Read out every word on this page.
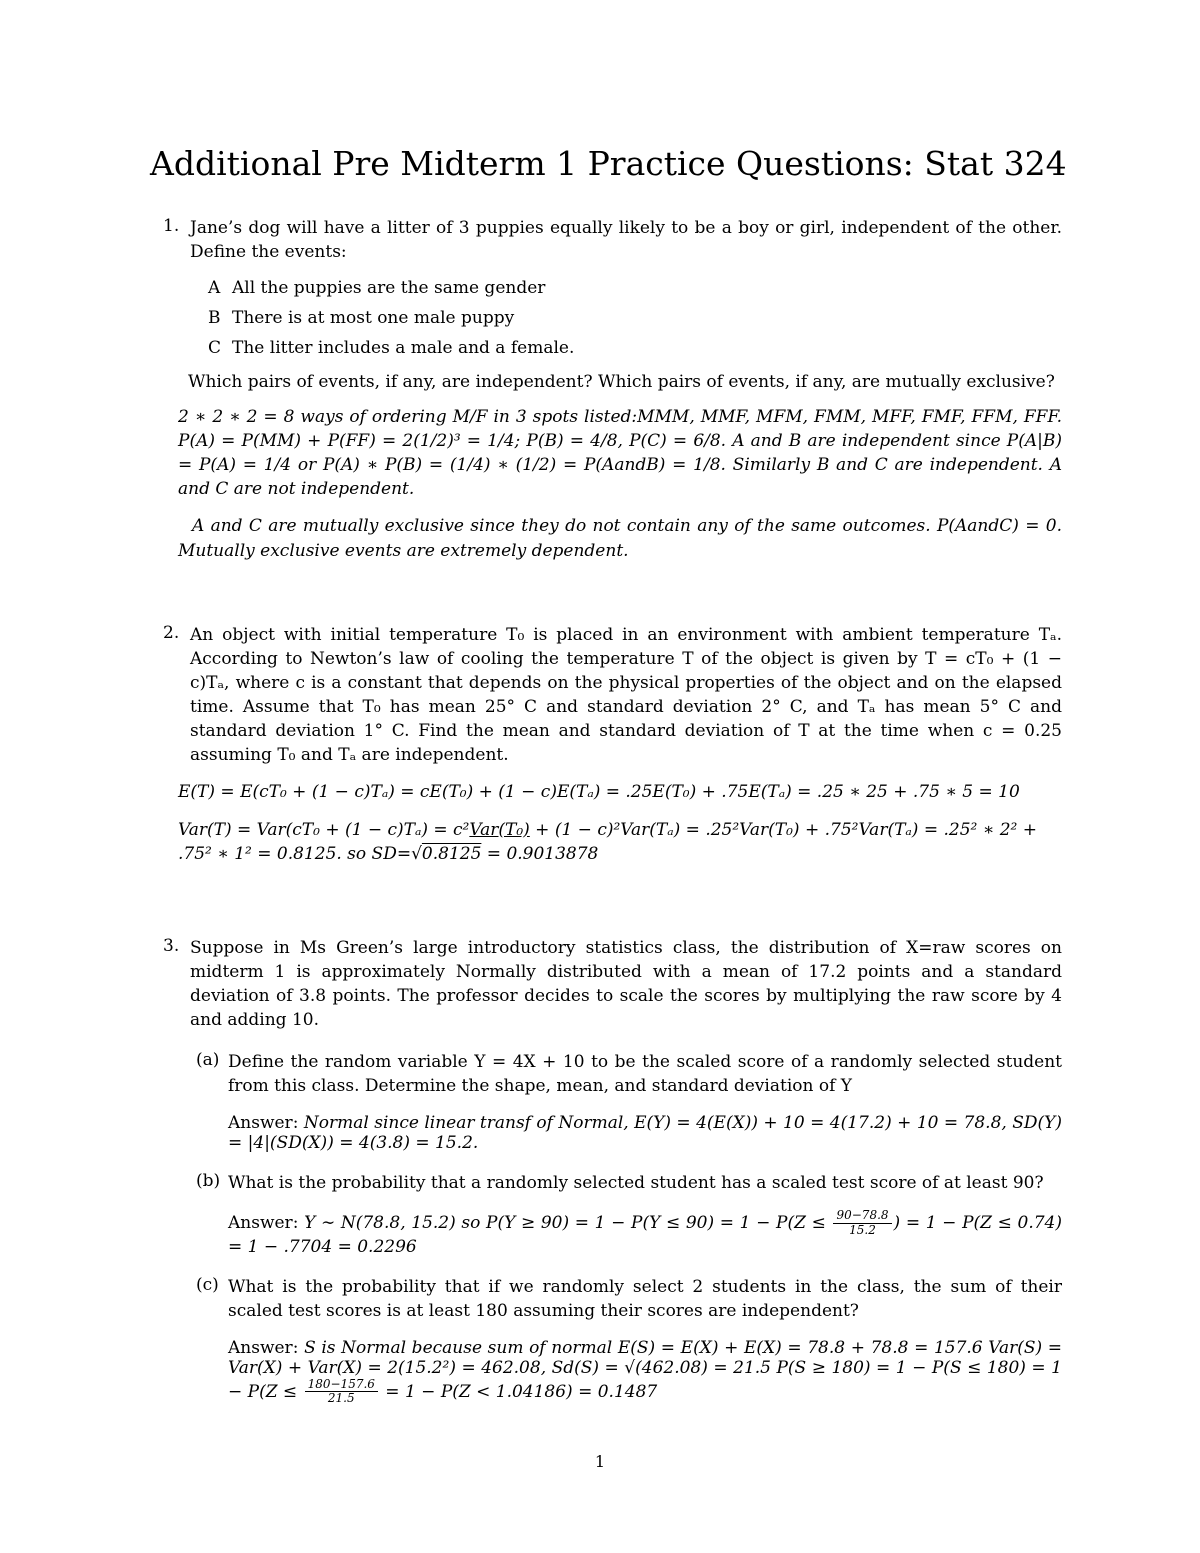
Additional Pre Midterm 1 Practice Questions: Stat 324
1. Jane’s dog will have a litter of 3 puppies equally likely to be a boy or girl, independent of the other. Define the events:

A All the puppies are the same gender
B There is at most one male puppy
C The litter includes a male and a female.

Which pairs of events, if any, are independent? Which pairs of events, if any, are mutually exclusive?

2 ∗ 2 ∗ 2 = 8 ways of ordering M/F in 3 spots listed:MMM, MMF, MFM, FMM, MFF, FMF, FFM, FFF. P(A) = P(MM) + P(FF) = 2(1/2)³ = 1/4; P(B) = 4/8, P(C) = 6/8. A and B are independent since P(A|B) = P(A) = 1/4 or P(A) ∗ P(B) = (1/4) ∗ (1/2) = P(AandB) = 1/8. Similarly B and C are independent. A and C are not independent.

A and C are mutually exclusive since they do not contain any of the same outcomes. P(AandC) = 0. Mutually exclusive events are extremely dependent.

2. An object with initial temperature T₀ is placed in an environment with ambient temperature Tₐ. According to Newton’s law of cooling the temperature T of the object is given by T = cT₀ + (1 − c)Tₐ, where c is a constant that depends on the physical properties of the object and on the elapsed time. Assume that T₀ has mean 25° C and standard deviation 2° C, and Tₐ has mean 5° C and standard deviation 1° C. Find the mean and standard deviation of T at the time when c = 0.25 assuming T₀ and Tₐ are independent.

E(T) = E(cT₀ + (1 − c)Tₐ) = cE(T₀) + (1 − c)E(Tₐ) = .25E(T₀) + .75E(Tₐ) = .25 ∗ 25 + .75 ∗ 5 = 10
Var(T) = Var(cT₀ + (1 − c)Tₐ) = c²Var(T₀) + (1 − c)²Var(Tₐ) = .25²Var(T₀) + .75²Var(Tₐ) = .25² ∗ 2² + .75² ∗ 1² = 0.8125. so SD=√0.8125 = 0.9013878
3. Suppose in Ms Green’s large introductory statistics class, the distribution of X=raw scores on midterm 1 is approximately Normally distributed with a mean of 17.2 points and a standard deviation of 3.8 points. The professor decides to scale the scores by multiplying the raw score by 4 and adding 10.

(a) Define the random variable Y = 4X + 10 to be the scaled score of a randomly selected student from this class. Determine the shape, mean, and standard deviation of Y

Answer: Normal since linear transf of Normal, E(Y) = 4(E(X)) + 10 = 4(17.2) + 10 = 78.8, SD(Y) = |4|(SD(X)) = 4(3.8) = 15.2.
(b) What is the probability that a randomly selected student has a scaled test score of at least 90?

Answer: Y ∼ N(78.8, 15.2) so $P(Y \ge 90) = 1 - P(Y \le 90) = 1 - P(Z \le \frac{90-78.8}{15.2}$ ) = 1 − P(Z ≤ 0.74) = 1 − .7704 = 0.2296
(c) What is the probability that if we randomly select 2 students in the class, the sum of their scaled test scores is at least 180 assuming their scores are independent?

Answer: S is Normal because sum of normal E(S) = E(X) + E(X) = 78.8 + 78.8 = 157.6 Var(S) = Var(X) + Var(X) = 2(15.2²) = 462.08, Sd(S) = √(462.08) = 21.5 $P(S \ge 180) = 1 - P(S \le 180) = 1 - P(Z \le \frac{180-157.6}{21.5} = 1 - P(Z < 1.04186) = 0.1487$
1
